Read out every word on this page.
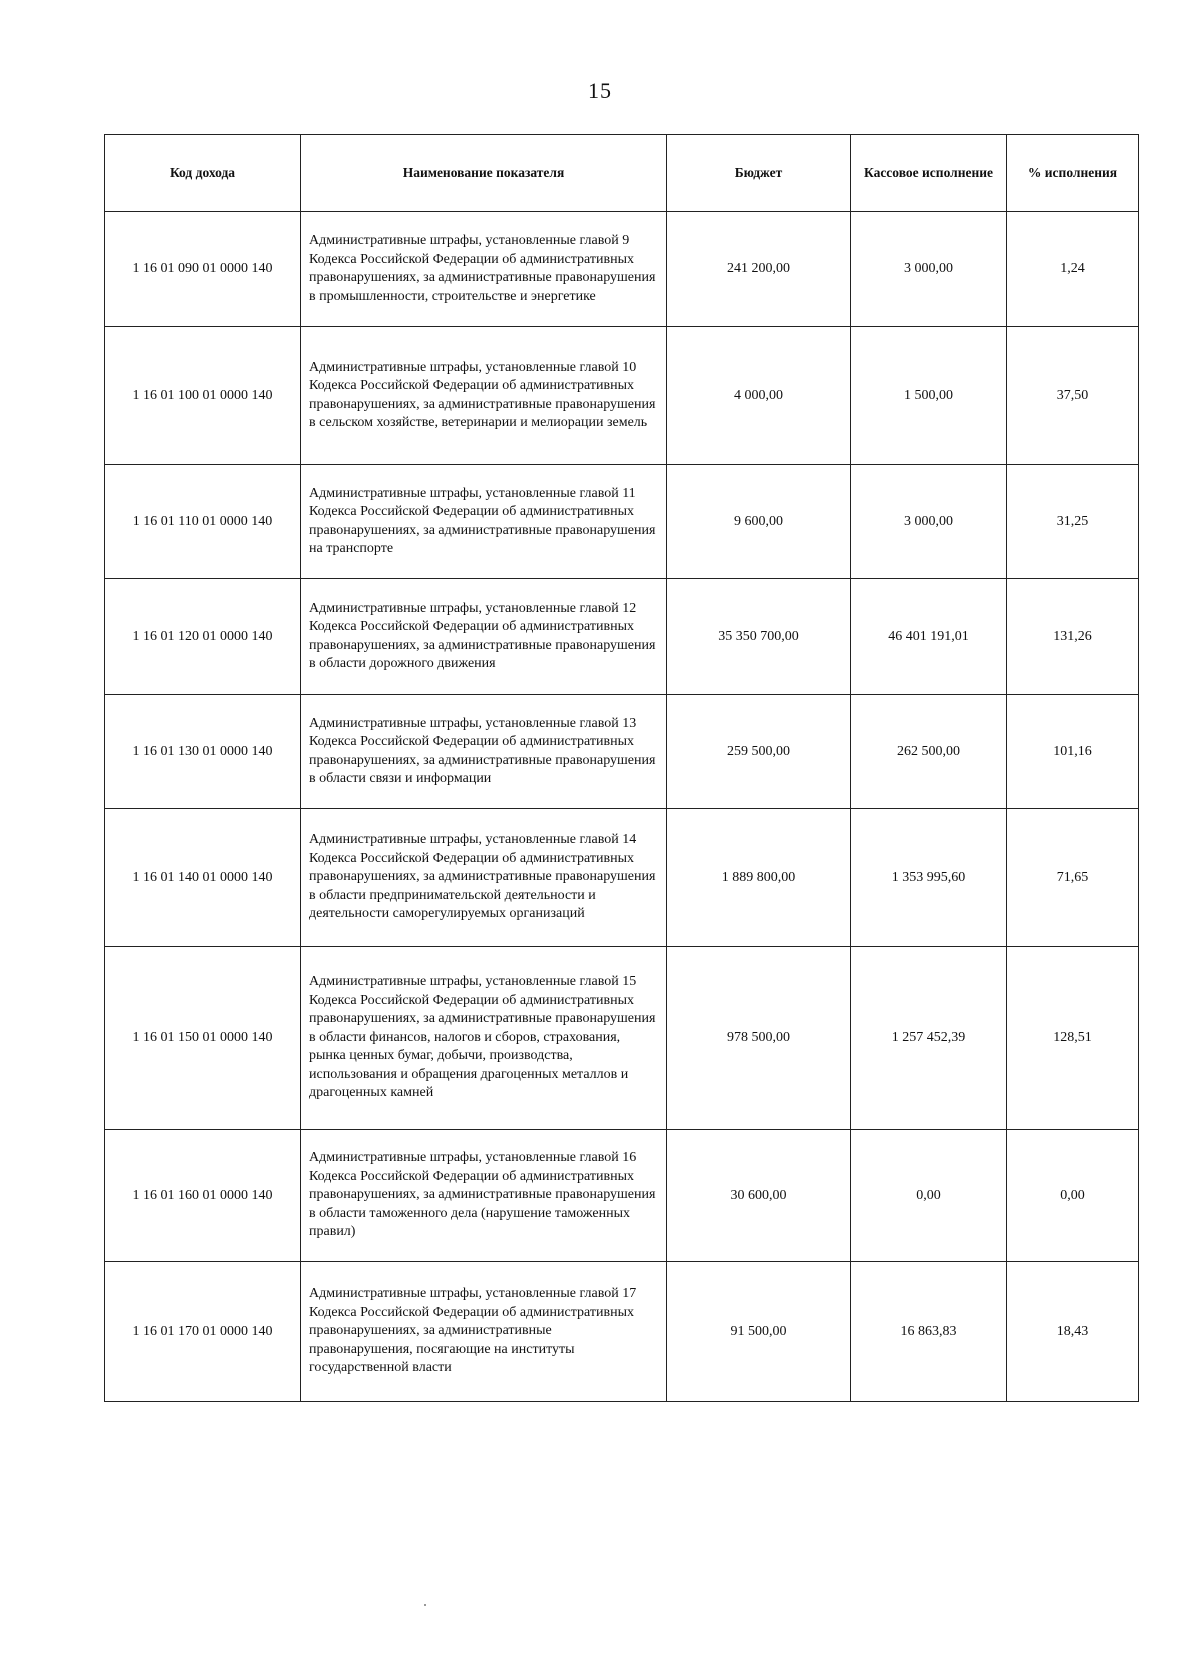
15
Код дохода	Наименование показателя	Бюджет	Кассовое исполнение	% исполнения
1 16 01 090 01 0000 140	Административные штрафы, установленные главой 9 Кодекса Российской Федерации об административных правонарушениях, за административные правонарушения в промышленности, строительстве и энергетике	241 200,00	3 000,00	1,24
1 16 01 100 01 0000 140	Административные штрафы, установленные главой 10 Кодекса Российской Федерации об административных правонарушениях, за административные правонарушения в сельском хозяйстве, ветеринарии и мелиорации земель	4 000,00	1 500,00	37,50
1 16 01 110 01 0000 140	Административные штрафы, установленные главой 11 Кодекса Российской Федерации об административных правонарушениях, за административные правонарушения на транспорте	9 600,00	3 000,00	31,25
1 16 01 120 01 0000 140	Административные штрафы, установленные главой 12 Кодекса Российской Федерации об административных правонарушениях, за административные правонарушения в области дорожного движения	35 350 700,00	46 401 191,01	131,26
1 16 01 130 01 0000 140	Административные штрафы, установленные главой 13 Кодекса Российской Федерации об административных правонарушениях, за административные правонарушения в области связи и информации	259 500,00	262 500,00	101,16
1 16 01 140 01 0000 140	Административные штрафы, установленные главой 14 Кодекса Российской Федерации об административных правонарушениях, за административные правонарушения в области предпринимательской деятельности и деятельности саморегулируемых организаций	1 889 800,00	1 353 995,60	71,65
1 16 01 150 01 0000 140	Административные штрафы, установленные главой 15 Кодекса Российской Федерации об административных правонарушениях, за административные правонарушения в области финансов, налогов и сборов, страхования, рынка ценных бумаг, добычи, производства, использования и обращения драгоценных металлов и драгоценных камней	978 500,00	1 257 452,39	128,51
1 16 01 160 01 0000 140	Административные штрафы, установленные главой 16 Кодекса Российской Федерации об административных правонарушениях, за административные правонарушения в области таможенного дела (нарушение таможенных правил)	30 600,00	0,00	0,00
1 16 01 170 01 0000 140	Административные штрафы, установленные главой 17 Кодекса Российской Федерации об административных правонарушениях, за административные правонарушения, посягающие на институты государственной власти	91 500,00	16 863,83	18,43
